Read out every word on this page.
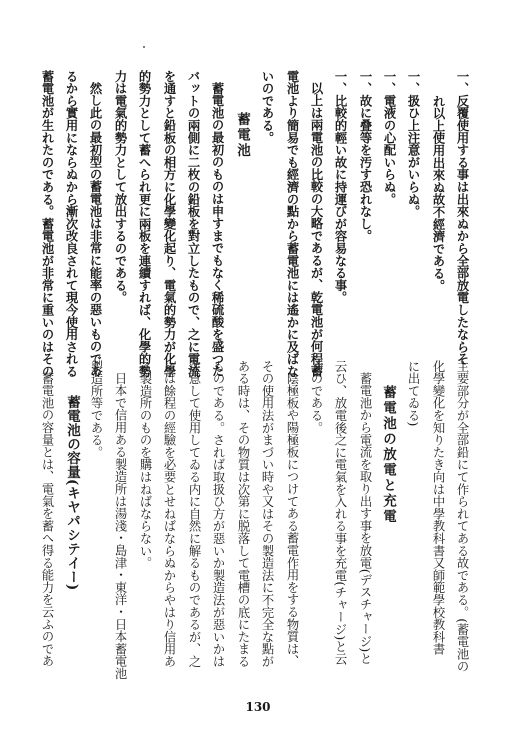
一、反覆使用する事は出來ぬから全部放電したならそ
れ以上使用出來ぬ故不經濟である。
一、扱ひ上注意がいらぬ。
一、電液の心配いらぬ。
一、故に叠等を汚す恐れなし。
一、比較的輕い故に持運びが容易なる事。
以上は兩電池の比較の大略であるが、乾電池が何程蓄
電池より簡易でも經濟の點から蓄電池には遙かに及ばな
いのである。
蓄電池
蓄電池の最初のものは申すまでもなく稀硫酸を盛つた
バットの兩側に二枚の鉛板を對立したもので、之に電流
を通すと鉛板の相方に化學變化起り、電氣的勢力が化學
的勢力として蓄へられ更に兩板を連續すれば、化學的勢
力は電氣的勢力として放出するのである。
然し此の最初型の蓄電池は非常に能率の惡いものであ
るから實用にならぬから漸次改良されて現今使用される
蓄電池が生れたのである。蓄電池が非常に重いのはその
主要部分が全部鉛にて作られてある故である。(蓄電池の
化學變化を知りたき向は中學教科書又師範學校教科書
に出てゐる)
蓄電池の放電と充電
蓄電池から電流を取り出す事を放電(デスチャージ)と
云ひ、放電後之に電氣を入れる事を充電(チャージ)と云
ふのである。
陰極板や陽極板につけてある蓄電作用をする物質は、
その使用法がまづい時や又はその製造法に不完全な點が
ある時は、その物質は次第に脱落して電槽の底にたまる
ものである。されば取扱ひ方が惡いか製造法が惡いかは
注意して使用してゐる内に自然に解るものであるが、之
には餘程の經驗を必要とせねばならぬからやはり信用あ
る製造所のものを購はねばならない。
日本で信用ある製造所は湯淺・島津・東洋・日本蓄電池
製造所等である。
蓄電池の容量(キヤパシテイー)
蓄電池の容量とは、電氣を蓄へ得る能力を云ふのであ
130
